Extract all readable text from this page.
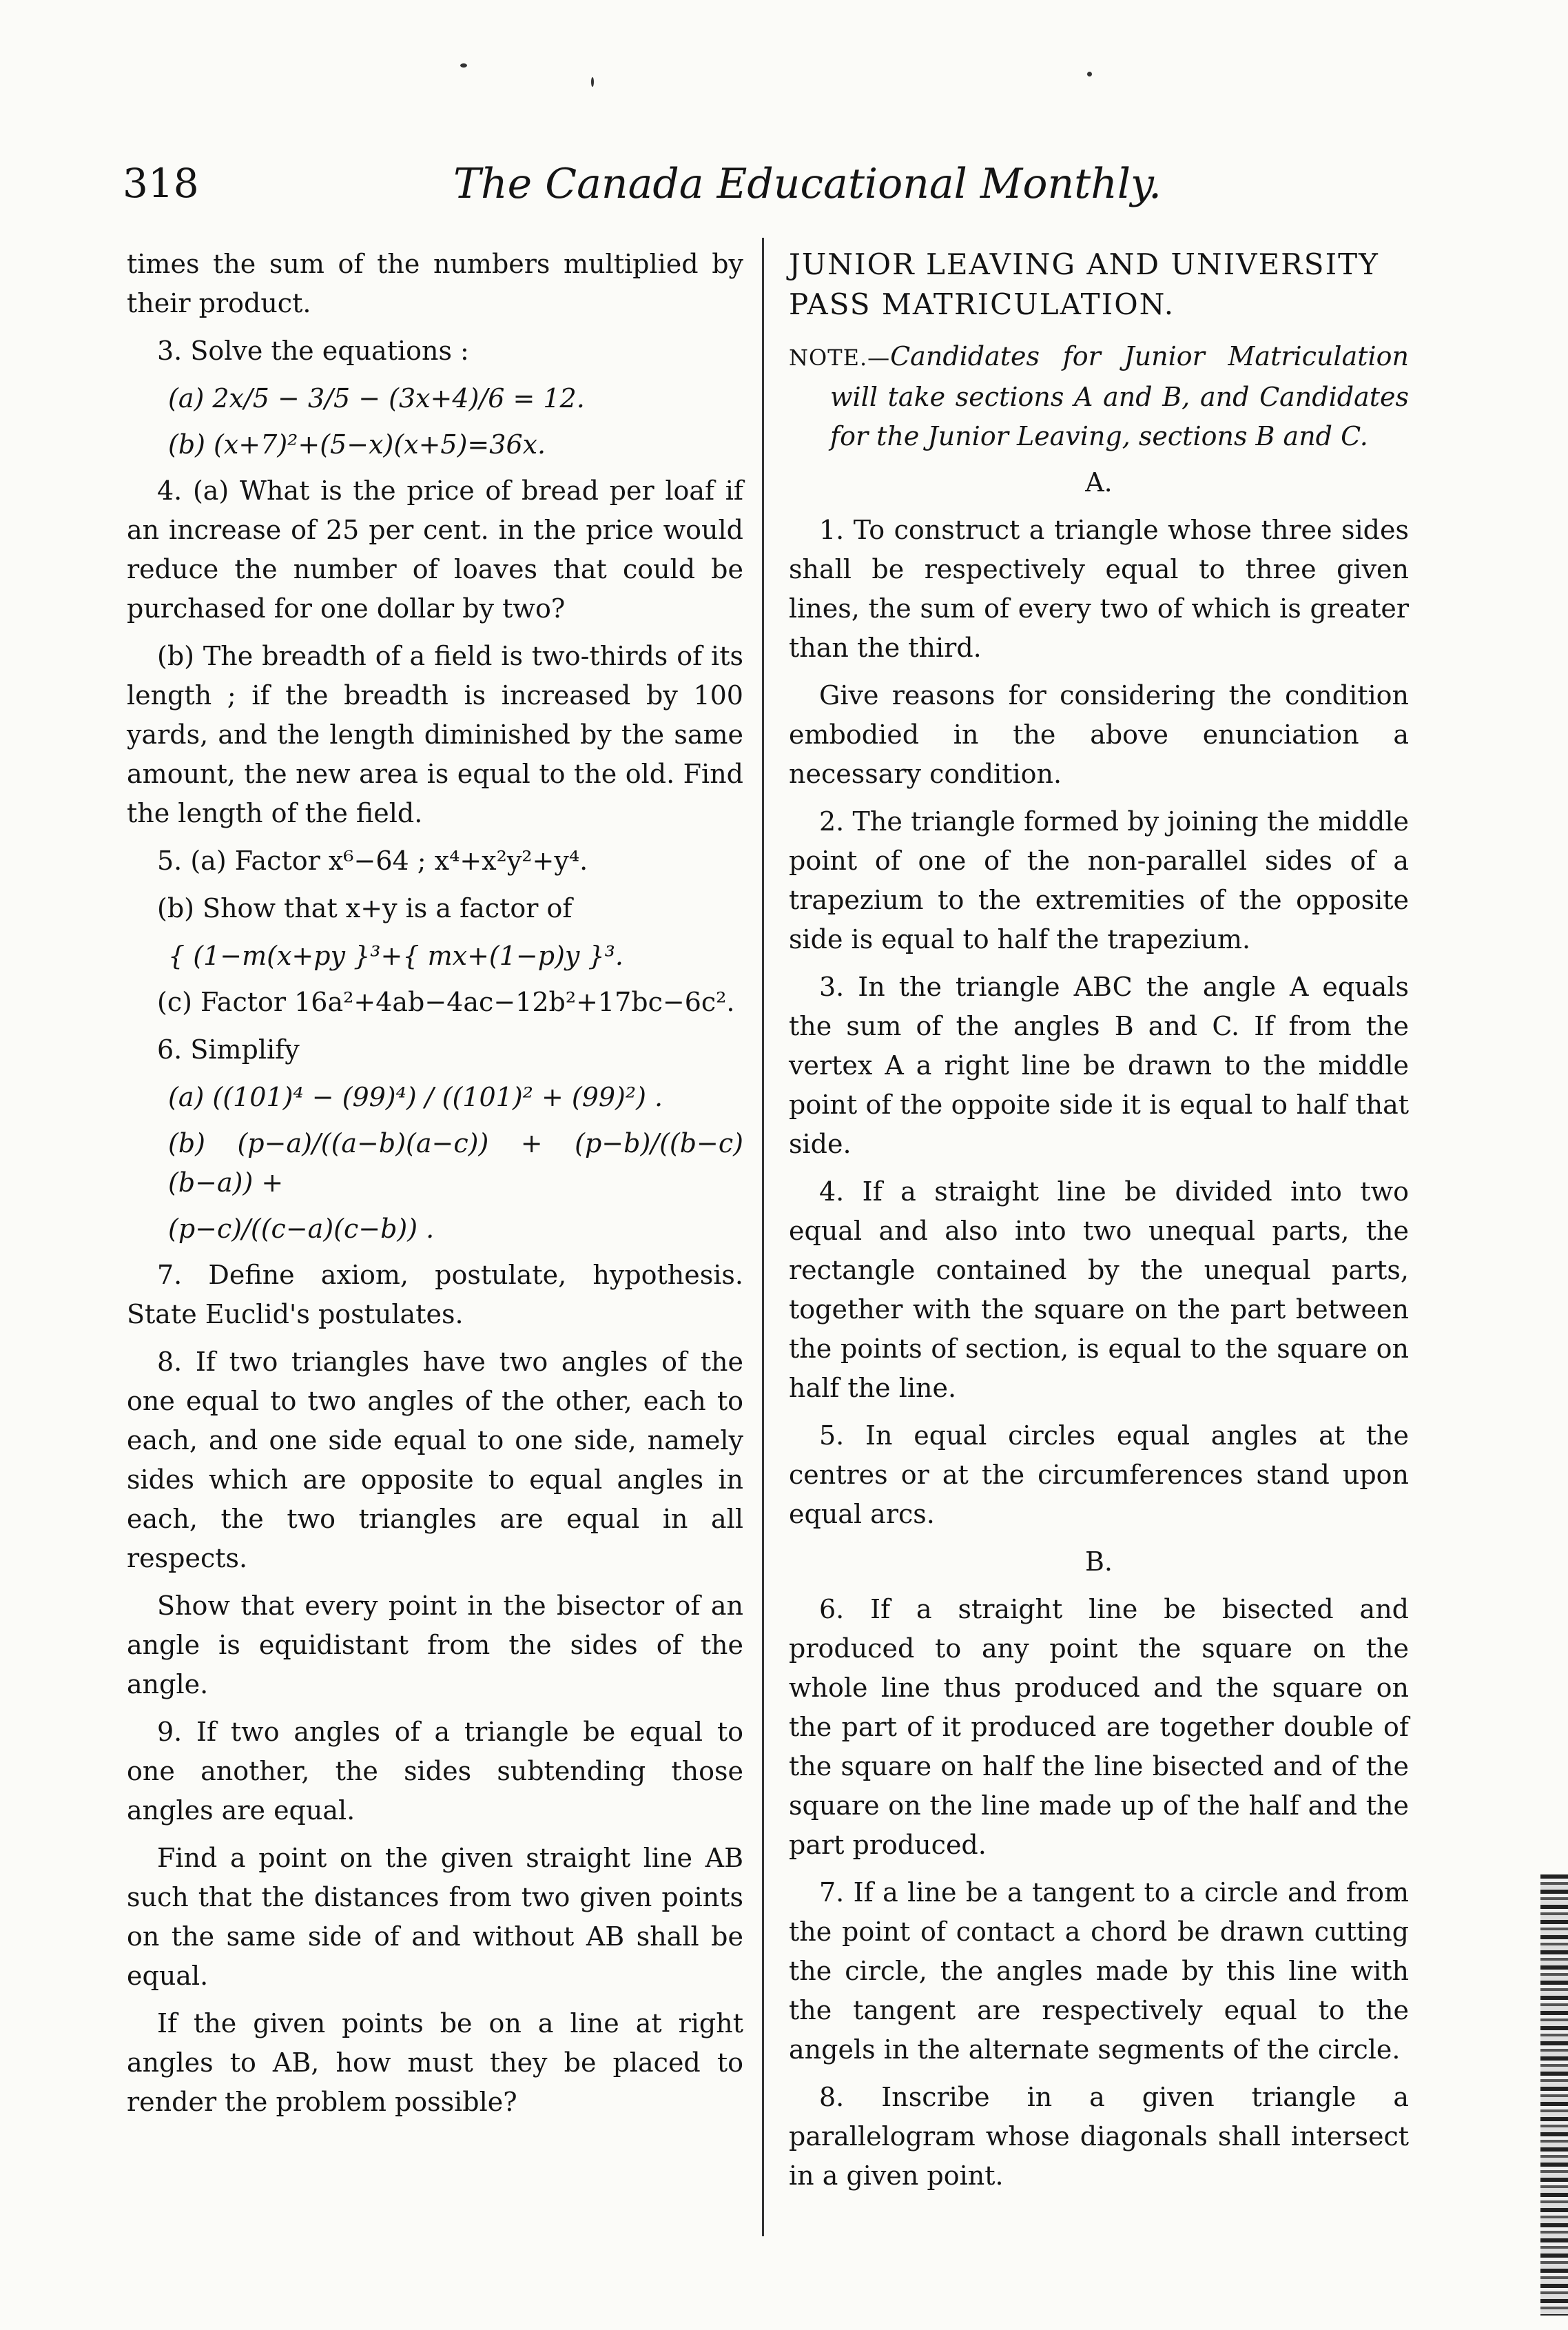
318	The Canada Educational Monthly.

times the sum of the numbers multiplied by their product.

3. Solve the equations :

(a) 2x/5 − 3/5 − (3x+4)/6 = 12.

(b) (x+7)²+(5−x)(x+5)=36x.

4. (a) What is the price of bread per loaf if an increase of 25 per cent. in the price would reduce the number of loaves that could be purchased for one dollar by two?

(b) The breadth of a field is two-thirds of its length ; if the breadth is increased by 100 yards, and the length diminished by the same amount, the new area is equal to the old. Find the length of the field.

5. (a) Factor x⁶−64 ; x⁴+x²y²+y⁴.

(b) Show that x+y is a factor of

{ (1−m(x+py }³+{ mx+(1−p)y }³.

(c) Factor 16a²+4ab−4ac−12b²+17bc−6c².

6. Simplify

(a) ((101)⁴ − (99)⁴) / ((101)² + (99)²) .

(b) (p−a)/((a−b)(a−c)) + (p−b)/((b−c)(b−a)) +

(p−c)/((c−a)(c−b)) .

7. Define axiom, postulate, hypothesis. State Euclid's postulates.

8. If two triangles have two angles of the one equal to two angles of the other, each to each, and one side equal to one side, namely sides which are opposite to equal angles in each, the two triangles are equal in all respects.

Show that every point in the bisector of an angle is equidistant from the sides of the angle.

9. If two angles of a triangle be equal to one another, the sides subtending those angles are equal.

Find a point on the given straight line AB such that the distances from two given points on the same side of and without AB shall be equal.

If the given points be on a line at right angles to AB, how must they be placed to render the problem possible?

JUNIOR LEAVING AND UNIVERSITY PASS MATRICULATION.

NOTE.—Candidates for Junior Matriculation will take sections A and B, and Candidates for the Junior Leaving, sections B and C.

A.

1. To construct a triangle whose three sides shall be respectively equal to three given lines, the sum of every two of which is greater than the third.

Give reasons for considering the condition embodied in the above enunciation a necessary condition.

2. The triangle formed by joining the middle point of one of the non-parallel sides of a trapezium to the extremities of the opposite side is equal to half the trapezium.

3. In the triangle ABC the angle A equals the sum of the angles B and C. If from the vertex A a right line be drawn to the middle point of the oppoite side it is equal to half that side.

4. If a straight line be divided into two equal and also into two unequal parts, the rectangle contained by the unequal parts, together with the square on the part between the points of section, is equal to the square on half the line.

5. In equal circles equal angles at the centres or at the circumferences stand upon equal arcs.

B.

6. If a straight line be bisected and produced to any point the square on the whole line thus produced and the square on the part of it produced are together double of the square on half the line bisected and of the square on the line made up of the half and the part produced.

7. If a line be a tangent to a circle and from the point of contact a chord be drawn cutting the circle, the angles made by this line with the tangent are respectively equal to the angels in the alternate segments of the circle.

8. Inscribe in a given triangle a parallelogram whose diagonals shall intersect in a given point.
